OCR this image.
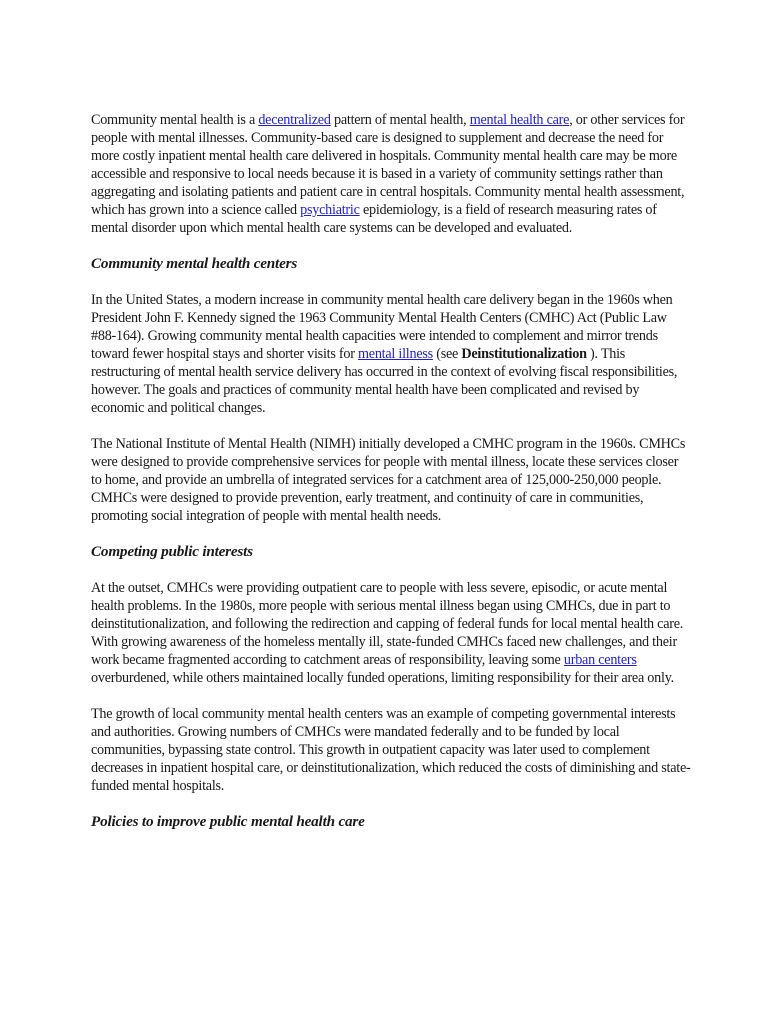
Community mental health is a decentralized pattern of mental health, mental health care, or other services for people with mental illnesses. Community-based care is designed to supplement and decrease the need for more costly inpatient mental health care delivered in hospitals. Community mental health care may be more accessible and responsive to local needs because it is based in a variety of community settings rather than aggregating and isolating patients and patient care in central hospitals. Community mental health assessment, which has grown into a science called psychiatric epidemiology, is a field of research measuring rates of mental disorder upon which mental health care systems can be developed and evaluated.

Community mental health centers

In the United States, a modern increase in community mental health care delivery began in the 1960s when President John F. Kennedy signed the 1963 Community Mental Health Centers (CMHC) Act (Public Law #88-164). Growing community mental health capacities were intended to complement and mirror trends toward fewer hospital stays and shorter visits for mental illness (see Deinstitutionalization ). This restructuring of mental health service delivery has occurred in the context of evolving fiscal responsibilities, however. The goals and practices of community mental health have been complicated and revised by economic and political changes.

The National Institute of Mental Health (NIMH) initially developed a CMHC program in the 1960s. CMHCs were designed to provide comprehensive services for people with mental illness, locate these services closer to home, and provide an umbrella of integrated services for a catchment area of 125,000-250,000 people. CMHCs were designed to provide prevention, early treatment, and continuity of care in communities, promoting social integration of people with mental health needs.

Competing public interests

At the outset, CMHCs were providing outpatient care to people with less severe, episodic, or acute mental health problems. In the 1980s, more people with serious mental illness began using CMHCs, due in part to deinstitutionalization, and following the redirection and capping of federal funds for local mental health care. With growing awareness of the homeless mentally ill, state-funded CMHCs faced new challenges, and their work became fragmented according to catchment areas of responsibility, leaving some urban centers overburdened, while others maintained locally funded operations, limiting responsibility for their area only.

The growth of local community mental health centers was an example of competing governmental interests and authorities. Growing numbers of CMHCs were mandated federally and to be funded by local communities, bypassing state control. This growth in outpatient capacity was later used to complement decreases in inpatient hospital care, or deinstitutionalization, which reduced the costs of diminishing and state-funded mental hospitals.

Policies to improve public mental health care
